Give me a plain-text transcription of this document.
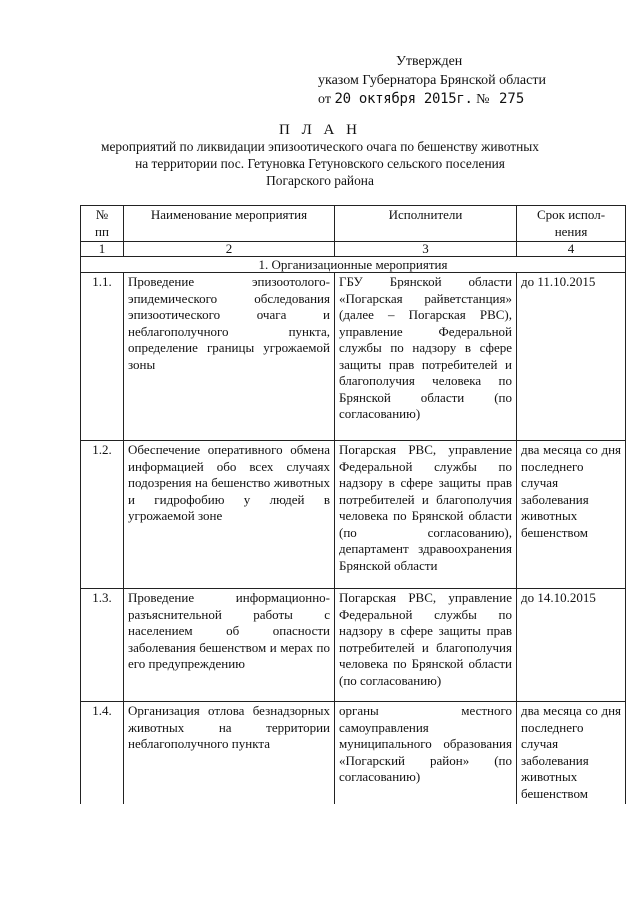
Утвержден
указом Губернатора Брянской области
от 20 октября 2015г. № 275
П Л А Н
мероприятий по ликвидации эпизоотического очага по бешенству животных
на территории пос. Гетуновка Гетуновского сельского поселения
Погарского района
№
пп	Наименование мероприятия	Исполнители	Срок испол-
нения
1	2	3	4
1. Организационные мероприятия			
1.1.	Проведение эпизоотолого-эпидемического обследования эпизоотического очага и неблагополучного пункта, определение границы угрожаемой зоны	ГБУ Брянской области «Погарская райветстанция» (далее – Погарская РВС), управление Федеральной службы по надзору в сфере защиты прав потребителей и благополучия человека по Брянской области (по согласованию)	до 11.10.2015
1.2.	Обеспечение оперативного обмена информацией обо всех случаях подозрения на бешенство животных и гидрофобию у людей в угрожаемой зоне	Погарская РВС, управление Федеральной службы по надзору в сфере защиты прав потребителей и благополучия человека по Брянской области (по согласованию), департамент здравоохранения Брянской области	два месяца со дня последнего случая заболевания животных бешенством
1.3.	Проведение информационно-разъяснительной работы с населением об опасности заболевания бешенством и мерах по его предупреждению	Погарская РВС, управление Федеральной службы по надзору в сфере защиты прав потребителей и благополучия человека по Брянской области (по согласованию)	до 14.10.2015
1.4.	Организация отлова безнадзорных животных на территории неблагополучного пункта	органы местного самоуправления муниципального образования «Погарский район» (по согласованию)	два месяца со дня последнего случая заболевания животных бешенством
